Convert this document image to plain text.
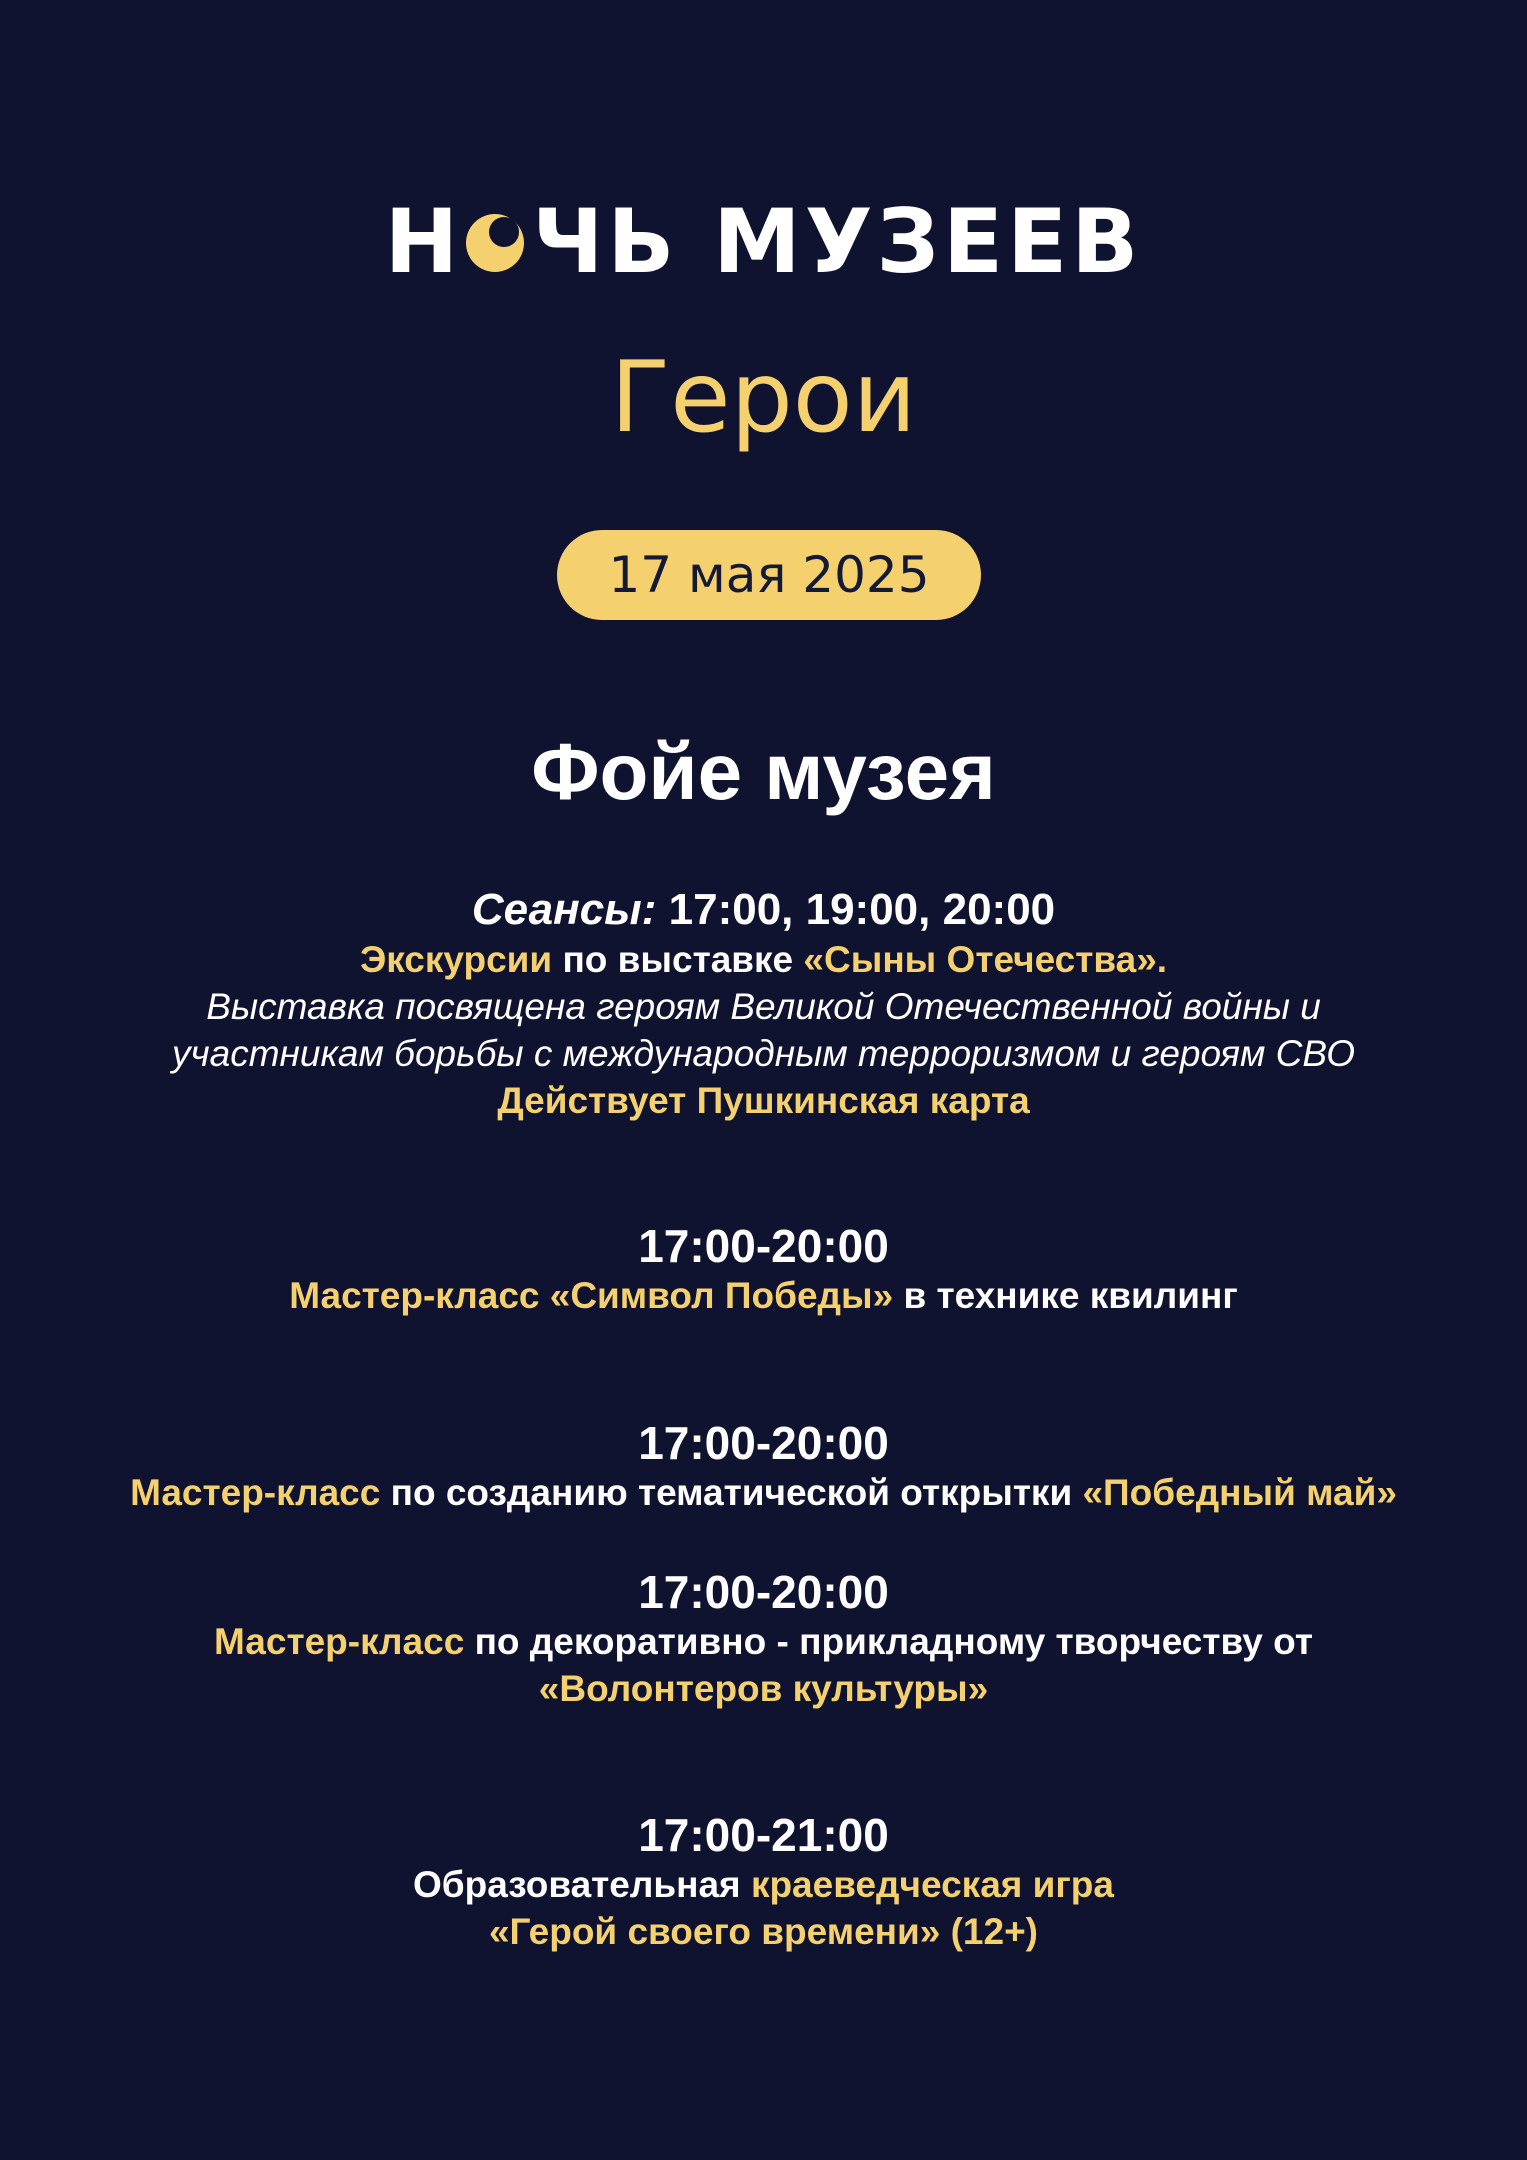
Н ЧЬ МУЗЕЕВ
Герои
17 мая 2025
Фойе музея
Сеансы: 17:00, 19:00, 20:00
Экскурсии по выставке «Сыны Отечества».
Выставка посвящена героям Великой Отечественной войны и
участникам борьбы с международным терроризмом и героям СВО
Действует Пушкинская карта
17:00-20:00
Мастер-класс «Символ Победы» в технике квилинг
17:00-20:00
Мастер-класс по созданию тематической открытки «Победный май»
17:00-20:00
Мастер-класс по декоративно - прикладному творчеству от
«Волонтеров культуры»
17:00-21:00
Образовательная краеведческая игра
«Герой своего времени» (12+)
